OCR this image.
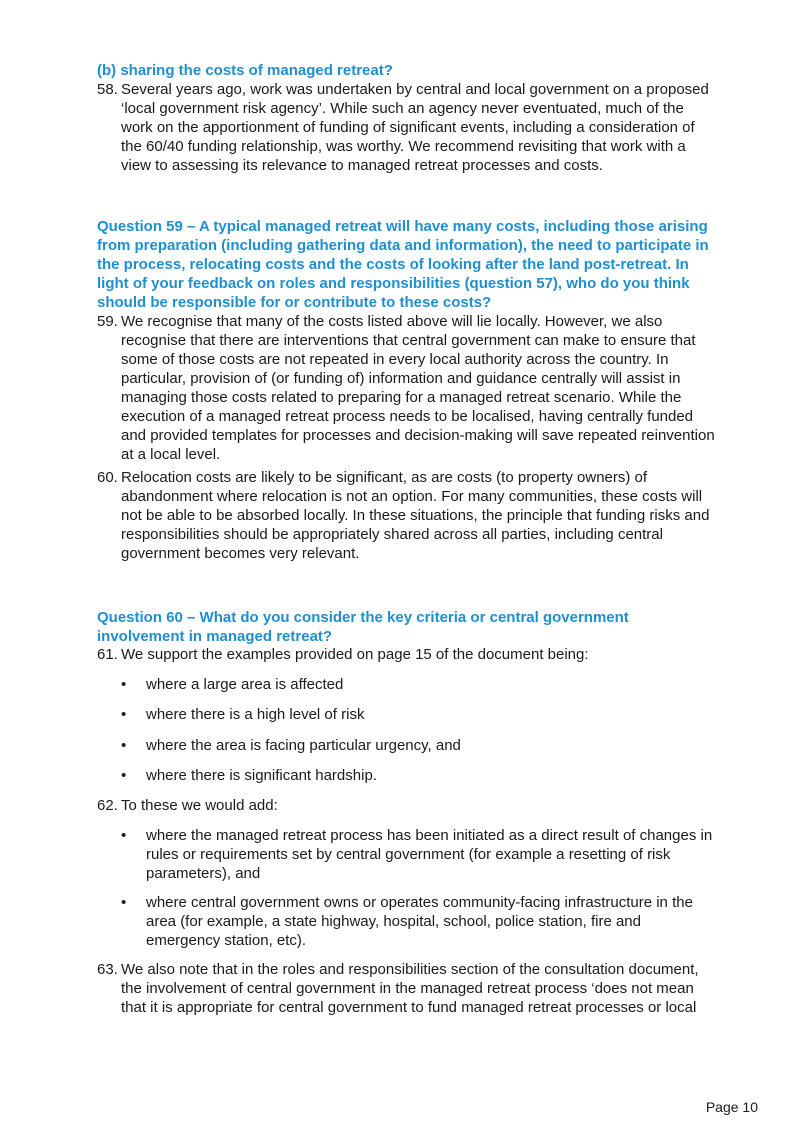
(b) sharing the costs of managed retreat?

58. Several years ago, work was undertaken by central and local government on a proposed ‘local government risk agency’. While such an agency never eventuated, much of the work on the apportionment of funding of significant events, including a consideration of the 60/40 funding relationship, was worthy. We recommend revisiting that work with a view to assessing its relevance to managed retreat processes and costs.

Question 59 – A typical managed retreat will have many costs, including those arising from preparation (including gathering data and information), the need to participate in the process, relocating costs and the costs of looking after the land post-retreat. In light of your feedback on roles and responsibilities (question 57), who do you think should be responsible for or contribute to these costs?

59. We recognise that many of the costs listed above will lie locally. However, we also recognise that there are interventions that central government can make to ensure that some of those costs are not repeated in every local authority across the country. In particular, provision of (or funding of) information and guidance centrally will assist in managing those costs related to preparing for a managed retreat scenario. While the execution of a managed retreat process needs to be localised, having centrally funded and provided templates for processes and decision-making will save repeated reinvention at a local level.
60. Relocation costs are likely to be significant, as are costs (to property owners) of abandonment where relocation is not an option. For many communities, these costs will not be able to be absorbed locally. In these situations, the principle that funding risks and responsibilities should be appropriately shared across all parties, including central government becomes very relevant.

Question 60 – What do you consider the key criteria or central government involvement in managed retreat?

61. We support the examples provided on page 15 of the document being:
•	where a large area is affected
•	where there is a high level of risk
•	where the area is facing particular urgency, and
•	where there is significant hardship.
62. To these we would add:
•	where the managed retreat process has been initiated as a direct result of changes in rules or requirements set by central government (for example a resetting of risk parameters), and
•	where central government owns or operates community-facing infrastructure in the area (for example, a state highway, hospital, school, police station, fire and emergency station, etc).
63. We also note that in the roles and responsibilities section of the consultation document, the involvement of central government in the managed retreat process ‘does not mean that it is appropriate for central government to fund managed retreat processes or local
Page 10
